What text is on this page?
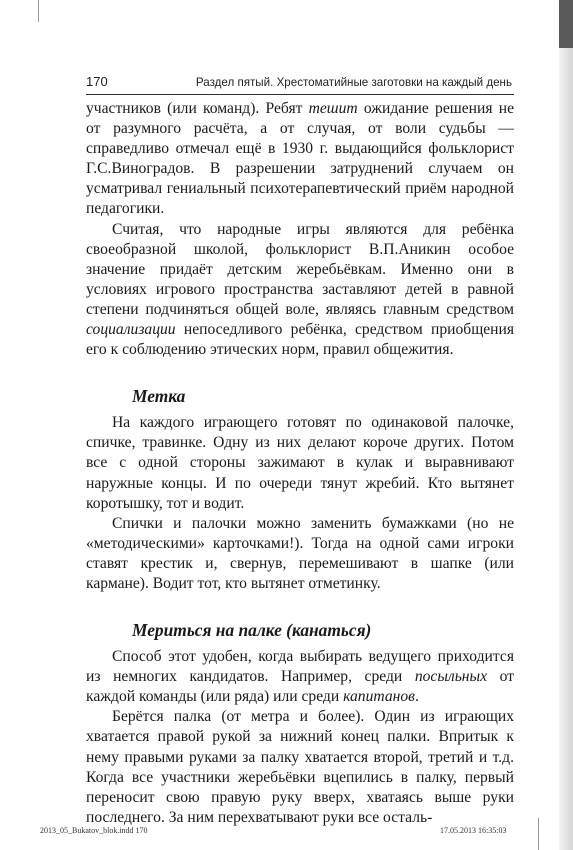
170	Раздел пятый. Хрестоматийные заготовки на каждый день

участников (или команд). Ребят тешит ожидание решения не от разумного расчёта, а от случая, от воли судьбы — справедливо отмечал ещё в 1930 г. выдающийся фольклорист Г.С.Виноградов. В разрешении затруднений случаем он усматривал гениальный психотерапевтический приём народной педагогики.

Считая, что народные игры являются для ребёнка своеобразной школой, фольклорист В.П.Аникин особое значение придаёт детским жеребьёвкам. Именно они в условиях игрового пространства заставляют детей в равной степени подчиняться общей воле, являясь главным средством социализации непоседливого ребёнка, средством приобщения его к соблюдению этических норм, правил общежития.

Метка

На каждого играющего готовят по одинаковой палочке, спичке, травинке. Одну из них делают короче других. Потом все с одной стороны зажимают в кулак и выравнивают наружные концы. И по очереди тянут жребий. Кто вытянет коротышку, тот и водит.

Спички и палочки можно заменить бумажками (но не «методическими» карточками!). Тогда на одной сами игроки ставят крестик и, свернув, перемешивают в шапке (или кармане). Водит тот, кто вытянет отметинку.

Мериться на палке (канаться)

Способ этот удобен, когда выбирать ведущего приходится из немногих кандидатов. Например, среди посыльных от каждой команды (или ряда) или среди капитанов.

Берётся палка (от метра и более). Один из играющих хватается правой рукой за нижний конец палки. Впритык к нему правыми руками за палку хватается второй, третий и т.д. Когда все участники жеребьёвки вцепились в палку, первый переносит свою правую руку вверх, хватаясь выше руки последнего. За ним перехватывают руки все осталь-

2013_05_Bukatov_blok.indd 170	17.05.2013 16:35:03
